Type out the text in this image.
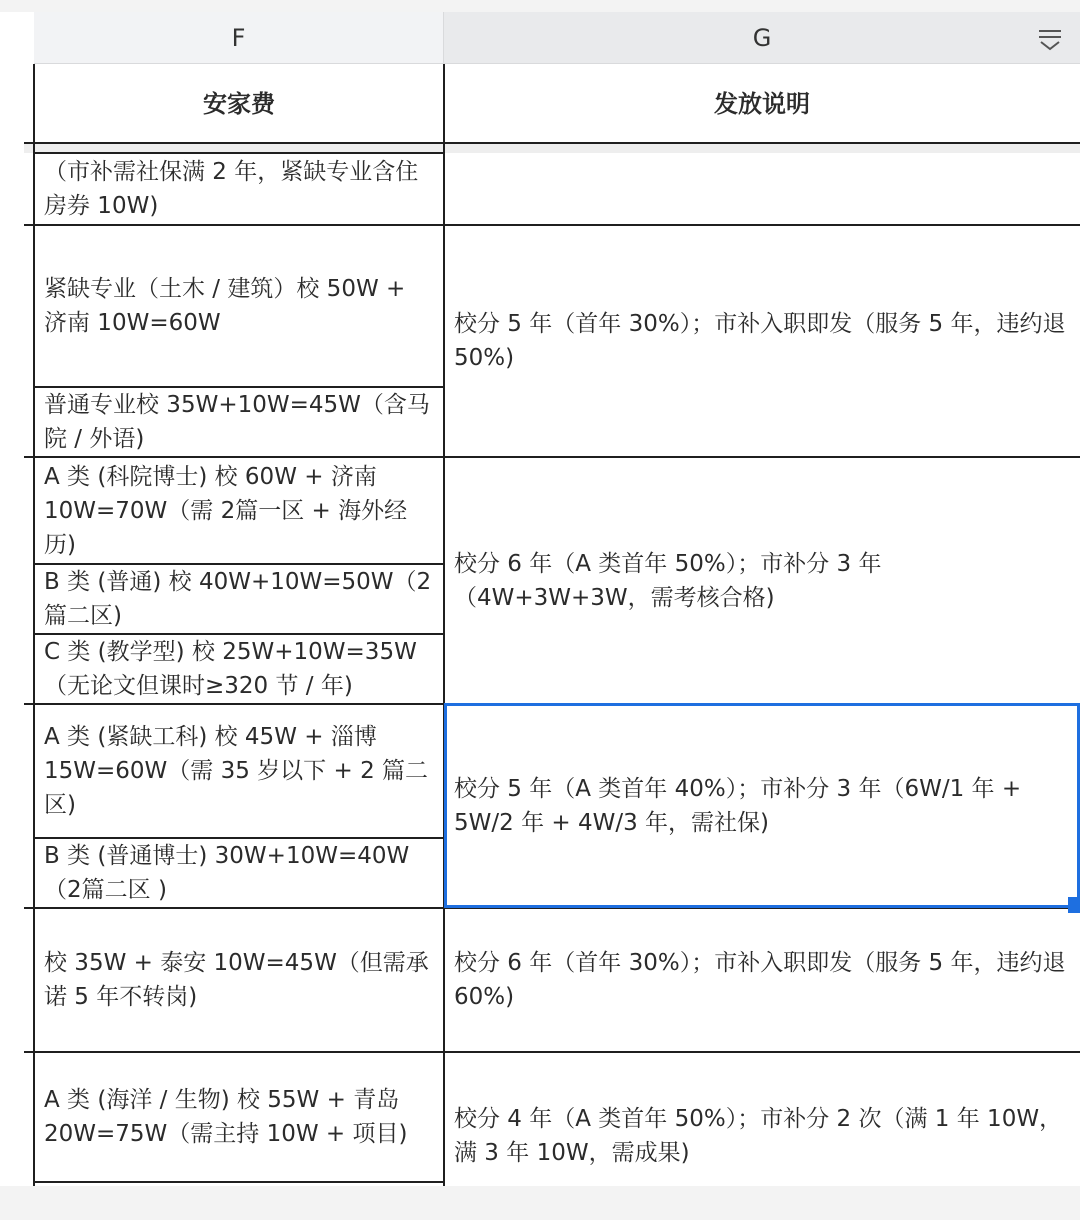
F	G
安家费	发放说明
（市补需社保满 2 年，紧缺专业含住房券 10W)
紧缺专业（土木 / 建筑）校 50W + 济南 10W=60W
普通专业校 35W+10W=45W（含马院 / 外语)
A 类 (科院博士) 校 60W + 济南 10W=70W（需 2篇一区 + 海外经历)
B 类 (普通) 校 40W+10W=50W（2篇二区)
C 类 (教学型) 校 25W+10W=35W（无论文但课时≥320 节 / 年)
A 类 (紧缺工科) 校 45W + 淄博 15W=60W（需 35 岁以下 + 2 篇二区)
B 类 (普通博士) 30W+10W=40W（2篇二区 )
校 35W + 泰安 10W=45W（但需承诺 5 年不转岗)
A 类 (海洋 / 生物) 校 55W + 青岛 20W=75W（需主持 10W + 项目)
校分 5 年（首年 30%）；市补入职即发（服务 5 年，违约退 50%)
校分 6 年（A 类首年 50%）；市补分 3 年（4W+3W+3W，需考核合格)
校分 5 年（A 类首年 40%）；市补分 3 年（6W/1 年 + 5W/2 年 + 4W/3 年，需社保)
校分 6 年（首年 30%）；市补入职即发（服务 5 年，违约退 60%)
校分 4 年（A 类首年 50%）；市补分 2 次（满 1 年 10W，满 3 年 10W，需成果)
